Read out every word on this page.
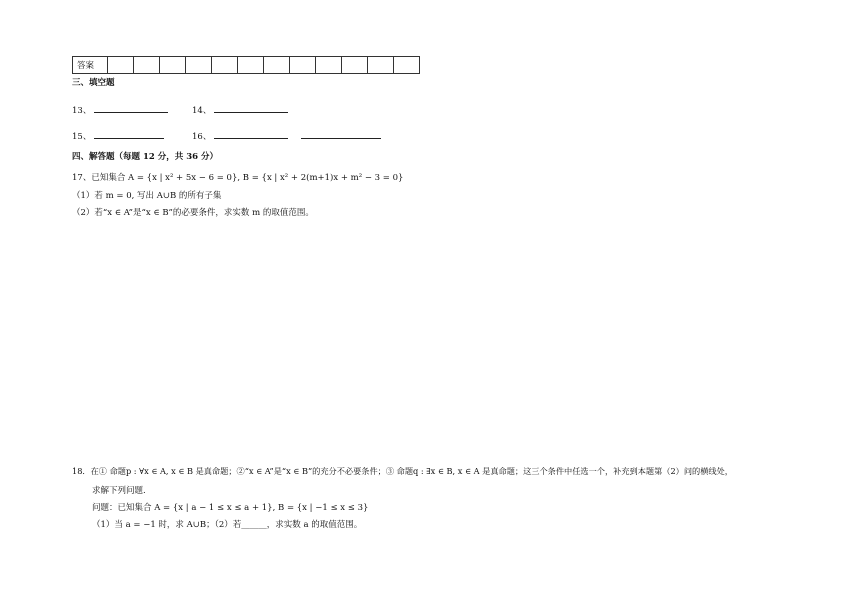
答案												
三、填空题
13、	14、
15、	16、
四、解答题（每题 12 分，共 36 分）
17、已知集合 A = {x | x² + 5x − 6 = 0}, B = {x | x² + 2(m+1)x + m² − 3 = 0}
（1）若 m = 0, 写出 A∪B 的所有子集
（2）若“x ∈ A”是“x ∈ B”的必要条件，求实数 m 的取值范围。
18．在① 命题p : ∀x ∈ A, x ∈ B 是真命题；②“x ∈ A”是“x ∈ B”的充分不必要条件；③ 命题q : ∃x ∈ B, x ∈ A 是真命题；这三个条件中任选一个，补充到本题第（2）问的横线处，
求解下列问题.
问题：已知集合 A = {x | a − 1 ≤ x ≤ a + 1}, B = {x | −1 ≤ x ≤ 3}
（1）当 a = −1 时，求 A∪B；（2）若______，求实数 a 的取值范围。
